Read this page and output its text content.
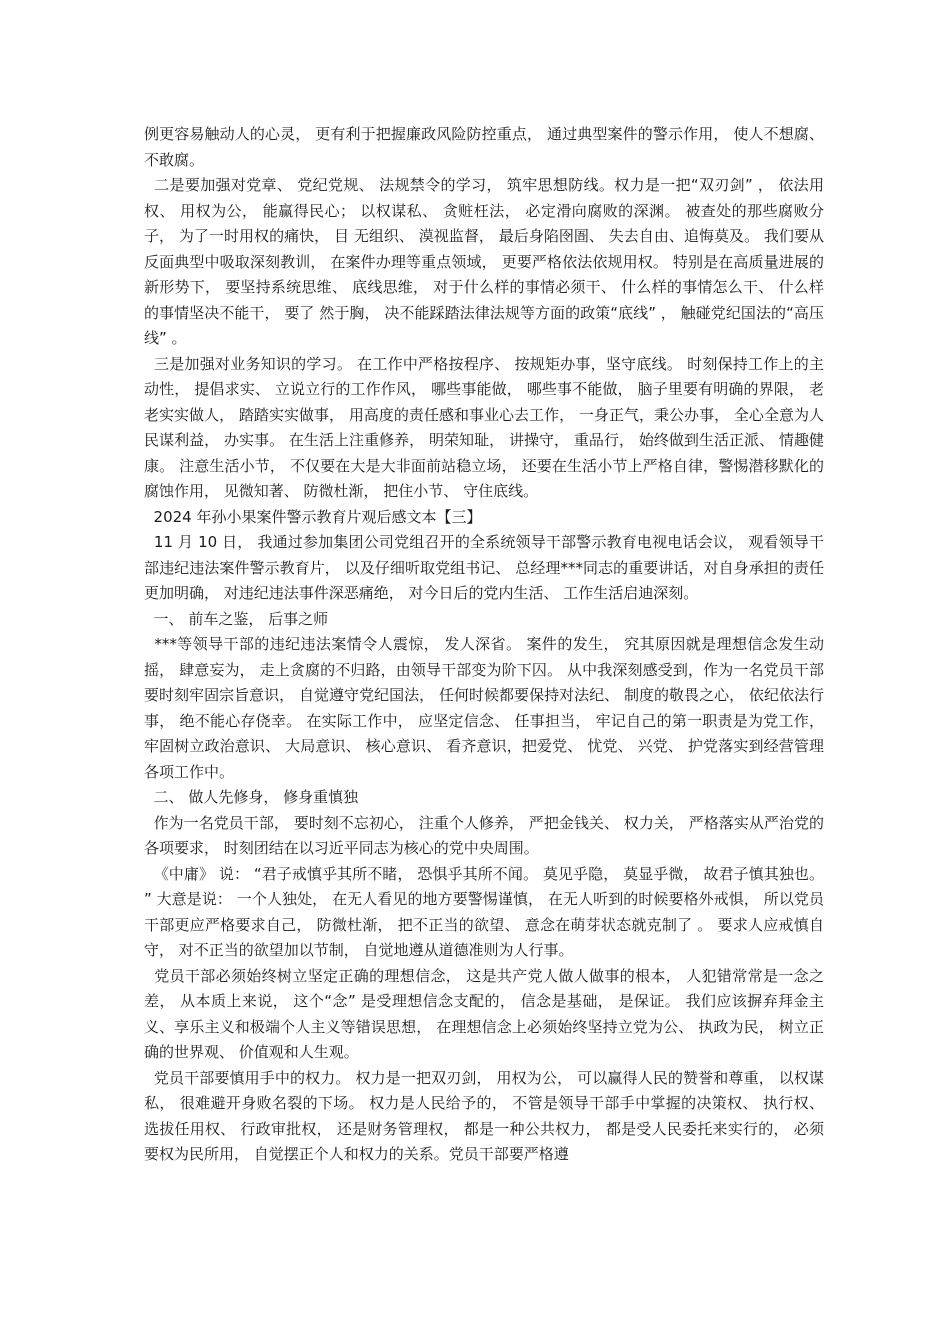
例更容易触动人的心灵， 更有利于把握廉政风险防控重点， 通过典型案件的警示作用， 使人不想腐、 不敢腐。

二是要加强对党章、 党纪党规、 法规禁令的学习， 筑牢思想防线。权力是一把“双刃剑” ， 依法用权、 用权为公， 能赢得民心； 以权谋私、 贪赃枉法， 必定滑向腐败的深渊。 被查处的那些腐败分子， 为了一时用权的痛快， 目 无组织、 漠视监督， 最后身陷囹圄、 失去自由、追悔莫及。 我们要从反面典型中吸取深刻教训， 在案件办理等重点领域， 更要严格依法依规用权。 特别是在高质量进展的新形势下， 要坚持系统思维、 底线思维， 对于什么样的事情必须干、 什么样的事情怎么干、 什么样的事情坚决不能干， 要了 然于胸， 决不能踩踏法律法规等方面的政策“底线” ， 触碰党纪国法的“高压线” 。

三是加强对业务知识的学习。 在工作中严格按程序、 按规矩办事，坚守底线。 时刻保持工作上的主动性， 提倡求实、 立说立行的工作作风， 哪些事能做， 哪些事不能做， 脑子里要有明确的界限， 老老实实做人， 踏踏实实做事， 用高度的责任感和事业心去工作， 一身正气，秉公办事， 全心全意为人民谋利益， 办实事。 在生活上注重修养， 明荣知耻， 讲操守， 重品行， 始终做到生活正派、 情趣健康。 注意生活小节， 不仅要在大是大非面前站稳立场， 还要在生活小节上严格自律，警惕潜移默化的腐蚀作用， 见微知著、 防微杜渐， 把住小节、 守住底线。

2024 年孙小果案件警示教育片观后感文本【三】

11 月 10 日， 我通过参加集团公司党组召开的全系统领导干部警示教育电视电话会议， 观看领导干部违纪违法案件警示教育片， 以及仔细听取党组书记、 总经理***同志的重要讲话，对自身承担的责任更加明确， 对违纪违法事件深恶痛绝， 对今日后的党内生活、 工作生活启迪深刻。

一、 前车之鉴， 后事之师

***等领导干部的违纪违法案情令人震惊， 发人深省。 案件的发生， 究其原因就是理想信念发生动摇， 肆意妄为， 走上贪腐的不归路，由领导干部变为阶下囚。 从中我深刻感受到，作为一名党员干部要时刻牢固宗旨意识， 自觉遵守党纪国法， 任何时候都要保持对法纪、 制度的敬畏之心， 依纪依法行事， 绝不能心存侥幸。 在实际工作中， 应坚定信念、 任事担当， 牢记自己的第一职责是为党工作， 牢固树立政治意识、 大局意识、 核心意识、 看齐意识，把爱党、 忧党、 兴党、 护党落实到经营管理各项工作中。

二、 做人先修身， 修身重慎独

作为一名党员干部， 要时刻不忘初心， 注重个人修养， 严把金钱关、 权力关， 严格落实从严治党的各项要求， 时刻团结在以习近平同志为核心的党中央周围。

《中庸》 说： “君子戒慎乎其所不睹， 恐惧乎其所不闻。 莫见乎隐， 莫显乎微， 故君子慎其独也。 ” 大意是说： 一个人独处， 在无人看见的地方要警惕谨慎， 在无人听到的时候要格外戒惧， 所以党员干部更应严格要求自己， 防微杜渐， 把不正当的欲望、 意念在萌芽状态就克制了 。 要求人应戒慎自守， 对不正当的欲望加以节制， 自觉地遵从道德准则为人行事。

党员干部必须始终树立坚定正确的理想信念， 这是共产党人做人做事的根本， 人犯错常常是一念之差， 从本质上来说， 这个“念” 是受理想信念支配的， 信念是基础， 是保证。 我们应该摒弃拜金主义、享乐主义和极端个人主义等错误思想， 在理想信念上必须始终坚持立党为公、 执政为民， 树立正确的世界观、 价值观和人生观。

党员干部要慎用手中的权力。 权力是一把双刃剑， 用权为公， 可以赢得人民的赞誉和尊重， 以权谋私， 很难避开身败名裂的下场。 权力是人民给予的， 不管是领导干部手中掌握的决策权、 执行权、 选拔任用权、 行政审批权， 还是财务管理权， 都是一种公共权力， 都是受人民委托来实行的， 必须要权为民所用， 自觉摆正个人和权力的关系。党员干部要严格遵
